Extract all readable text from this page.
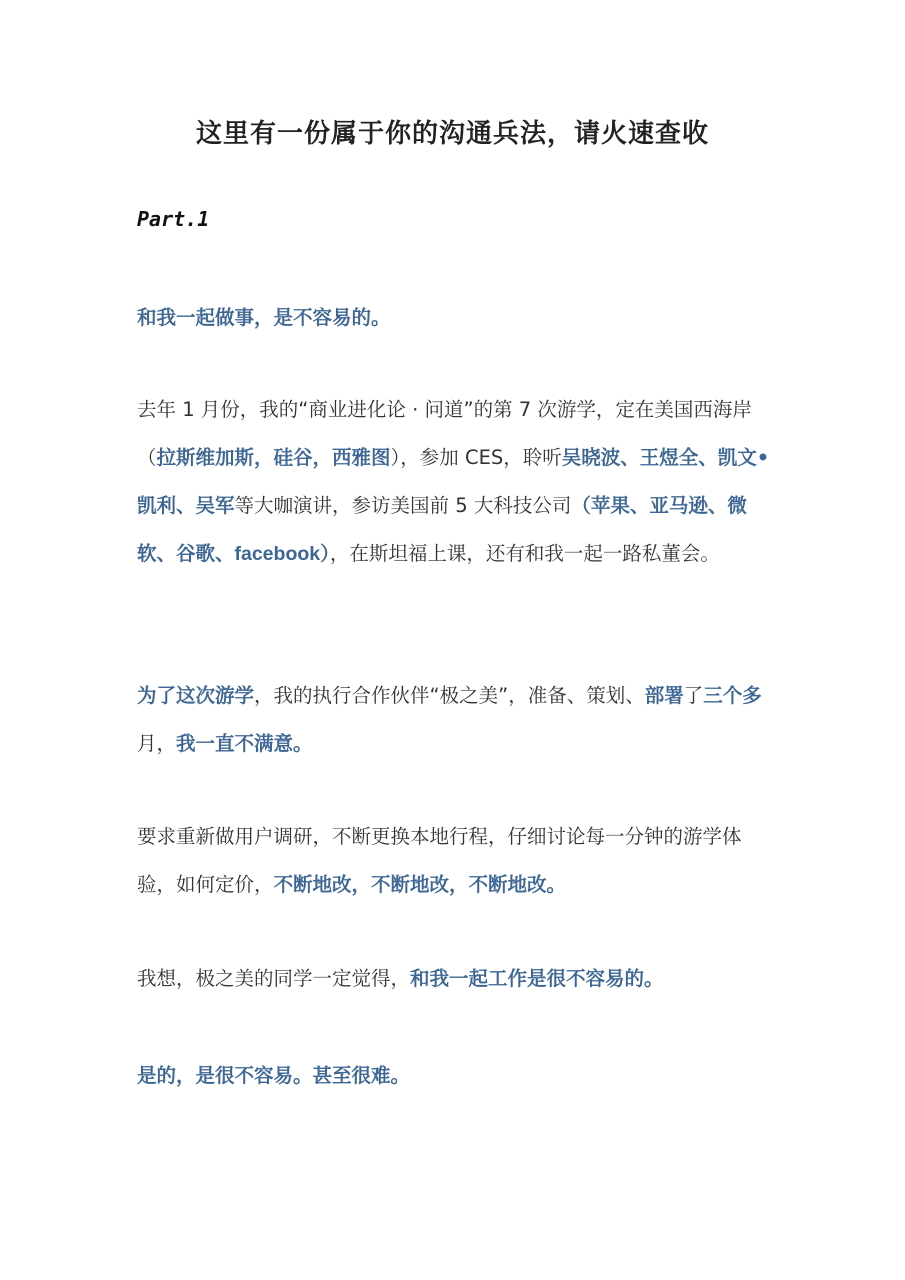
这里有一份属于你的沟通兵法，请火速查收

Part.1

和我一起做事，是不容易的。

去年 1 月份，我的“商业进化论 · 问道”的第 7 次游学，定在美国西海岸（拉斯维加斯，硅谷，西雅图），参加 CES，聆听吴晓波、王煜全、凯文•凯利、吴军等大咖演讲，参访美国前 5 大科技公司（苹果、亚马逊、微软、谷歌、facebook），在斯坦福上课，还有和我一起一路私董会。

为了这次游学，我的执行合作伙伴“极之美”，准备、策划、部署了三个多月，我一直不满意。

要求重新做用户调研，不断更换本地行程，仔细讨论每一分钟的游学体验，如何定价，不断地改，不断地改，不断地改。

我想，极之美的同学一定觉得，和我一起工作是很不容易的。

是的，是很不容易。甚至很难。
